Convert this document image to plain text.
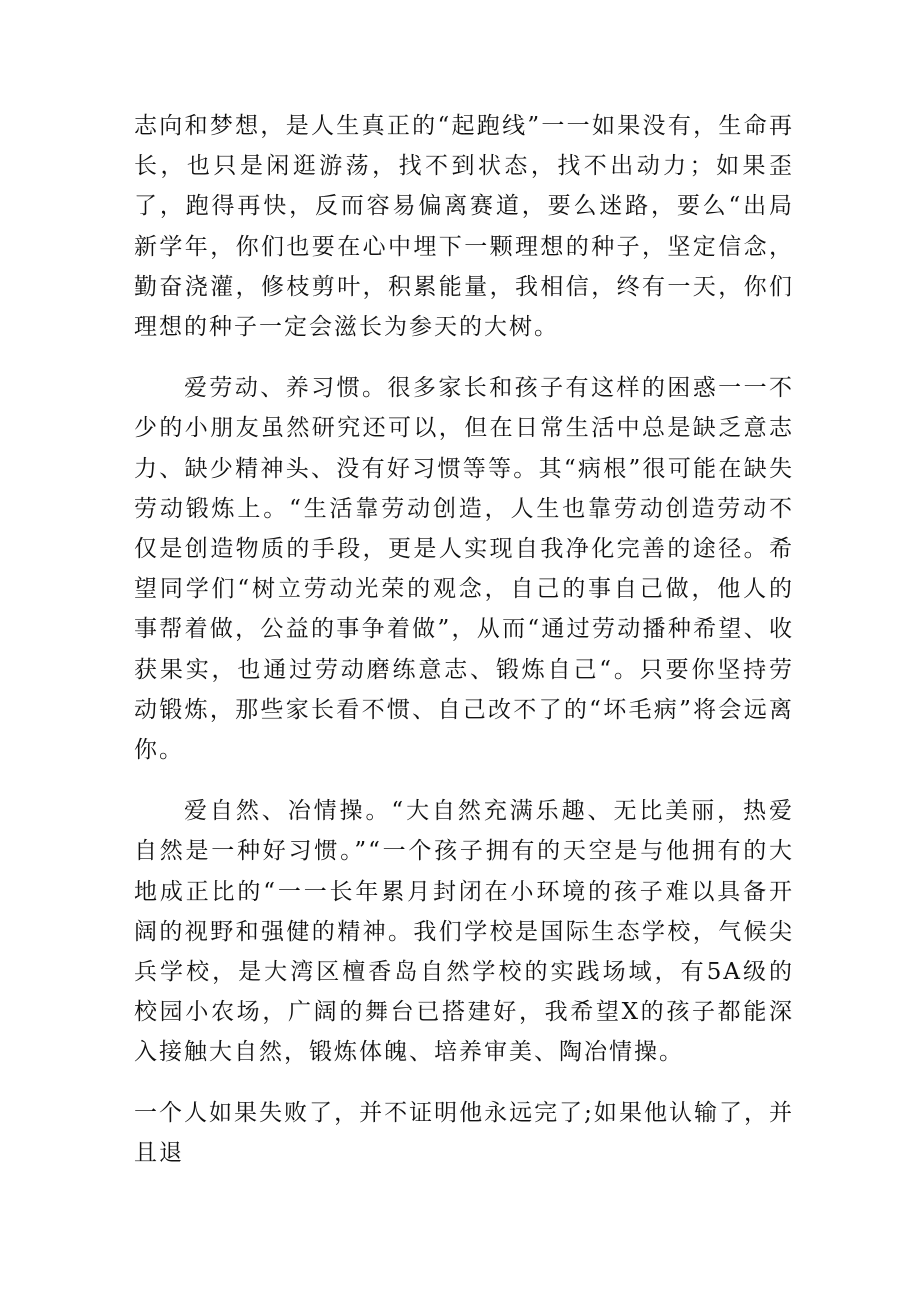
志向和梦想，是人生真正的“起跑线”一一如果没有，生命再长，也只是闲逛游荡，找不到状态，找不出动力；如果歪了，跑得再快，反而容易偏离赛道，要么迷路，要么“出局新学年，你们也要在心中埋下一颗理想的种子，坚定信念，勤奋浇灌，修枝剪叶，积累能量，我相信，终有一天，你们理想的种子一定会滋长为参天的大树。

爱劳动、养习惯。很多家长和孩子有这样的困惑一一不少的小朋友虽然研究还可以，但在日常生活中总是缺乏意志力、缺少精神头、没有好习惯等等。其“病根”很可能在缺失劳动锻炼上。“生活靠劳动创造，人生也靠劳动创造劳动不仅是创造物质的手段，更是人实现自我净化完善的途径。希望同学们“树立劳动光荣的观念，自己的事自己做，他人的事帮着做，公益的事争着做”，从而“通过劳动播种希望、收获果实，也通过劳动磨练意志、锻炼自己“。只要你坚持劳动锻炼，那些家长看不惯、自己改不了的“坏毛病”将会远离你。

爱自然、冶情操。“大自然充满乐趣、无比美丽，热爱自然是一种好习惯。”“一个孩子拥有的天空是与他拥有的大地成正比的“一一长年累月封闭在小环境的孩子难以具备开阔的视野和强健的精神。我们学校是国际生态学校，气候尖兵学校，是大湾区檀香岛自然学校的实践场域，有5A级的校园小农场，广阔的舞台已搭建好，我希望X的孩子都能深入接触大自然，锻炼体魄、培养审美、陶冶情操。

一个人如果失败了，并不证明他永远完了;如果他认输了，并且退
